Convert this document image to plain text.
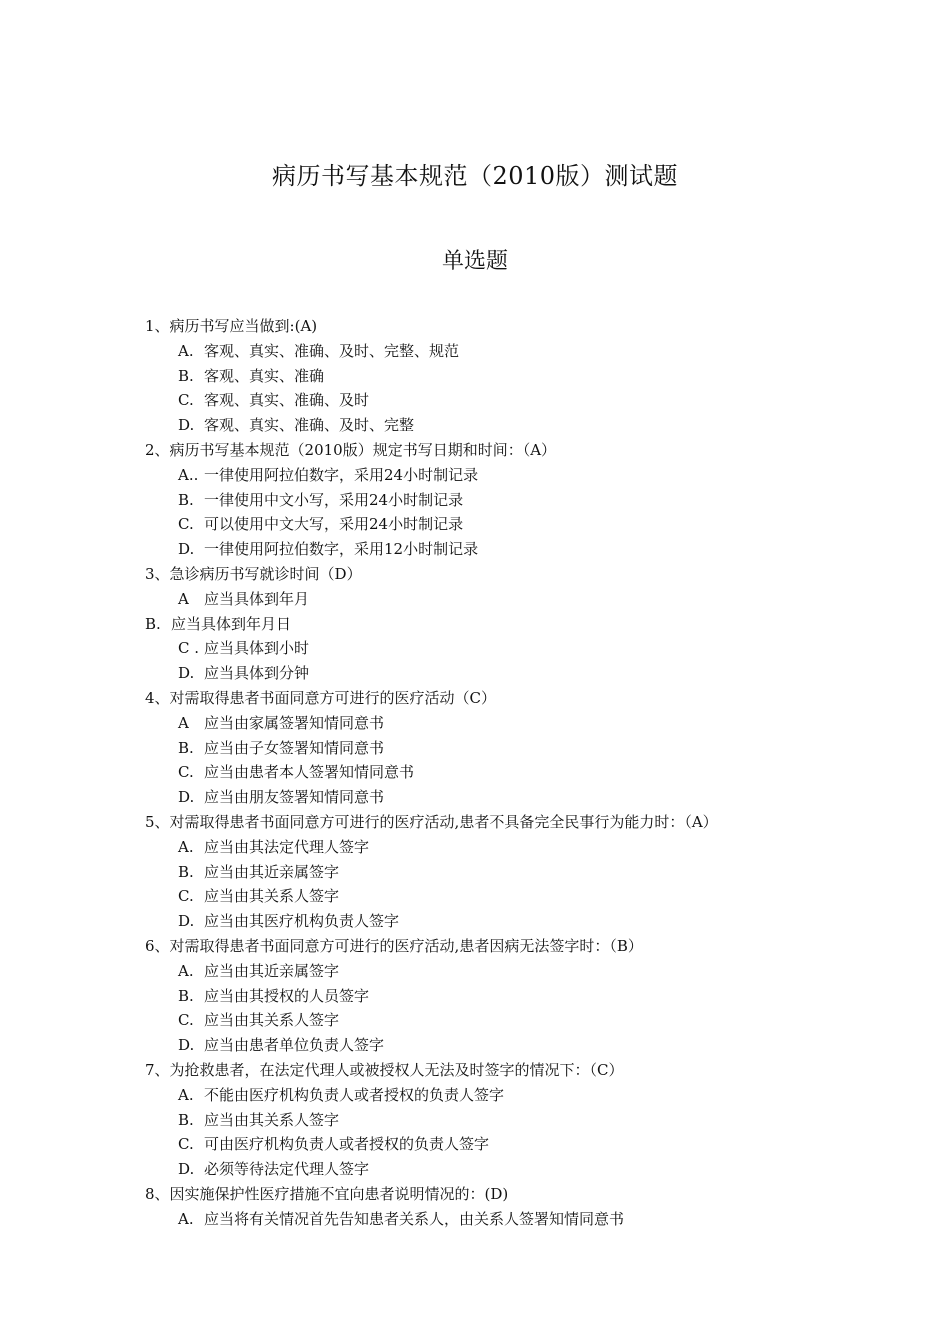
病历书写基本规范（2010版）测试题
单选题
1、病历书写应当做到:(A)
A. 客观、真实、准确、及时、完整、规范
B. 客观、真实、准确
C. 客观、真实、准确、及时
D. 客观、真实、准确、及时、完整
2、病历书写基本规范（2010版）规定书写日期和时间：（A）
A.. 一律使用阿拉伯数字，采用24小时制记录
B. 一律使用中文小写，采用24小时制记录
C. 可以使用中文大写，采用24小时制记录
D. 一律使用阿拉伯数字，采用12小时制记录
3、急诊病历书写就诊时间（D）
A 应当具体到年月
B. 应当具体到年月日
C . 应当具体到小时
D. 应当具体到分钟
4、对需取得患者书面同意方可进行的医疗活动（C）
A 应当由家属签署知情同意书
B. 应当由子女签署知情同意书
C. 应当由患者本人签署知情同意书
D. 应当由朋友签署知情同意书
5、对需取得患者书面同意方可进行的医疗活动,患者不具备完全民事行为能力时：（A）
A. 应当由其法定代理人签字
B. 应当由其近亲属签字
C. 应当由其关系人签字
D. 应当由其医疗机构负责人签字
6、对需取得患者书面同意方可进行的医疗活动,患者因病无法签字时：（B）
A. 应当由其近亲属签字
B. 应当由其授权的人员签字
C. 应当由其关系人签字
D. 应当由患者单位负责人签字
7、为抢救患者，在法定代理人或被授权人无法及时签字的情况下：（C）
A. 不能由医疗机构负责人或者授权的负责人签字
B. 应当由其关系人签字
C. 可由医疗机构负责人或者授权的负责人签字
D. 必须等待法定代理人签字
8、因实施保护性医疗措施不宜向患者说明情况的：(D)
A. 应当将有关情况首先告知患者关系人，由关系人签署知情同意书
